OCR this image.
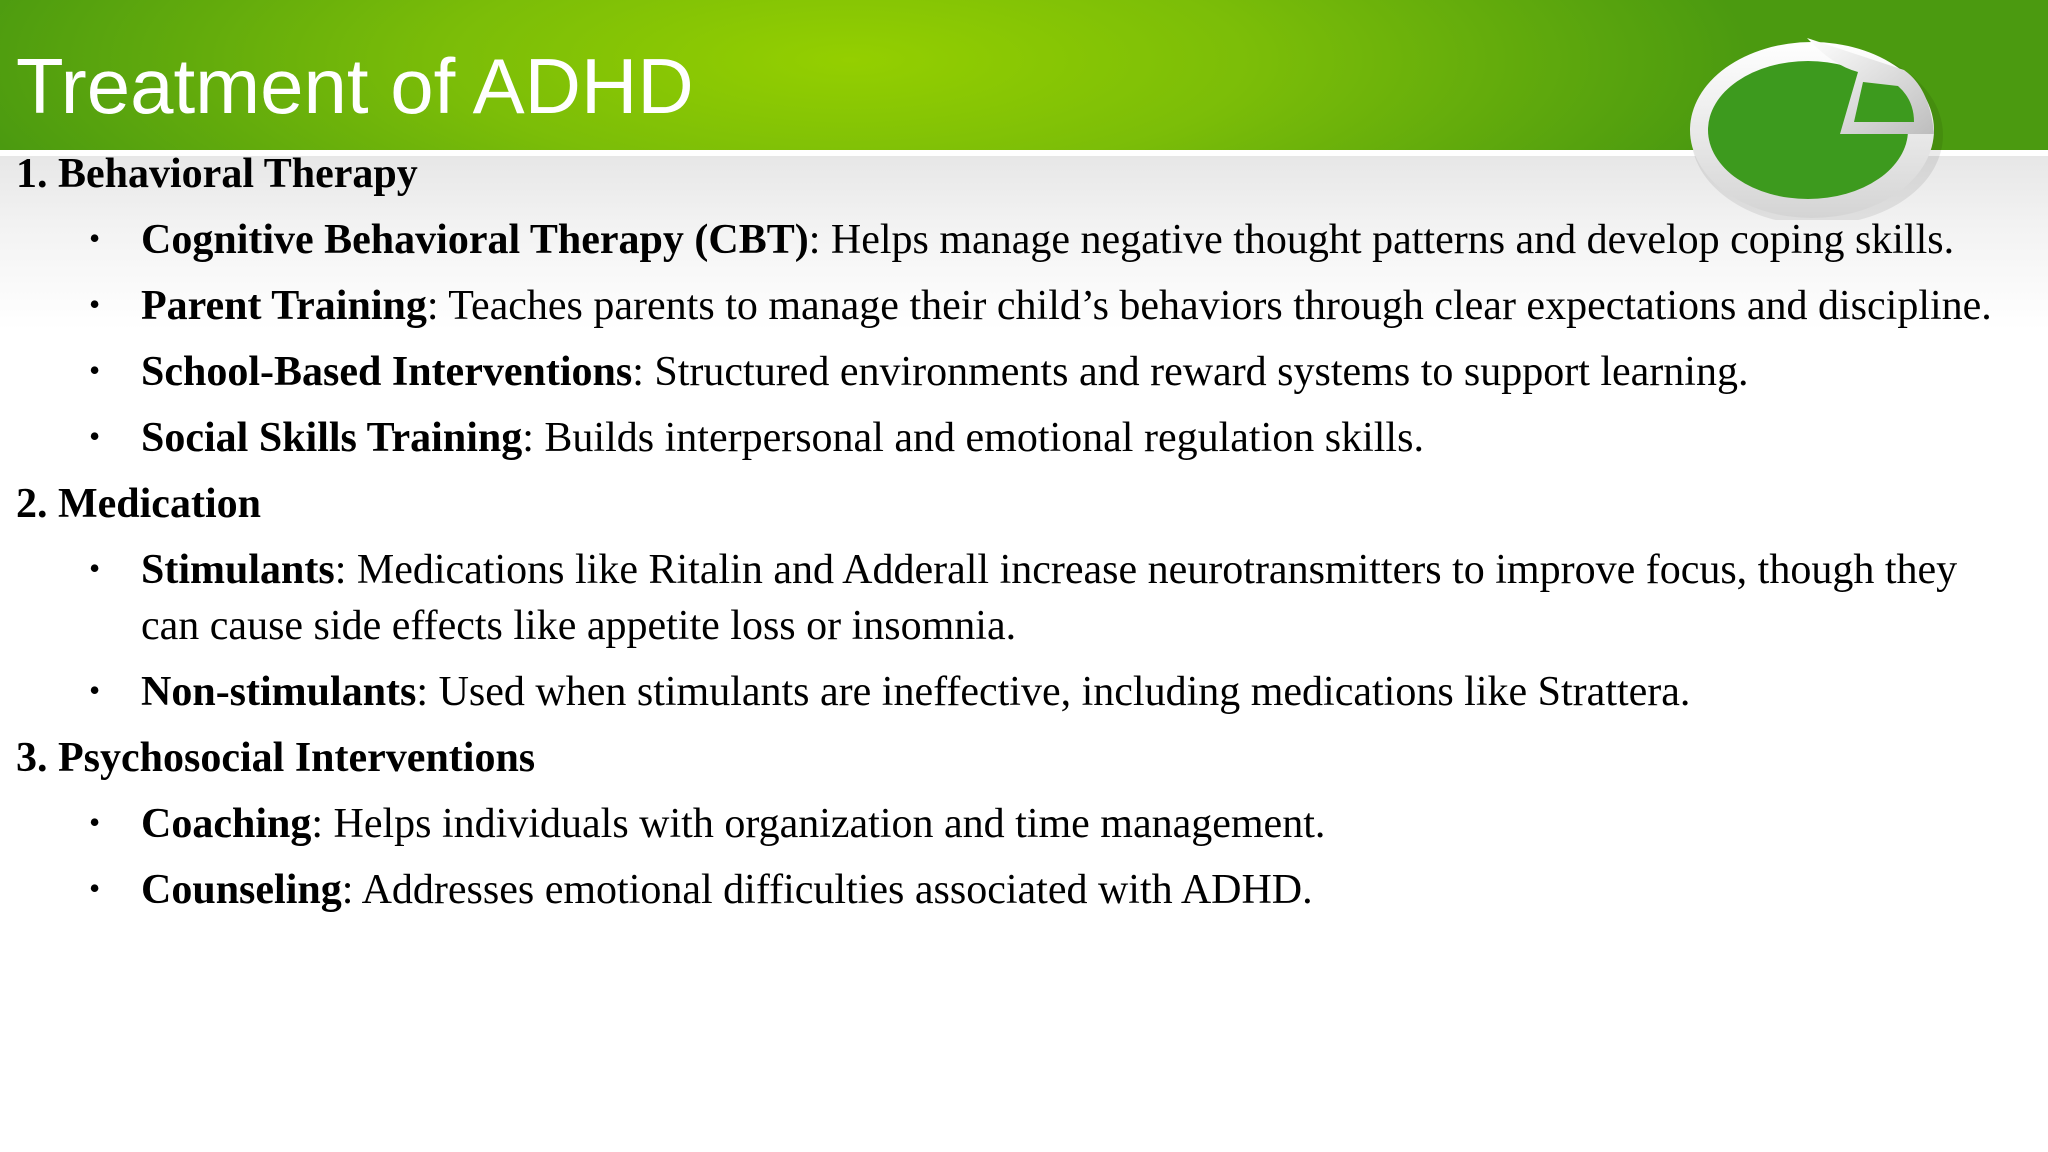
Treatment of ADHD
1. Behavioral Therapy
• Cognitive Behavioral Therapy (CBT): Helps manage negative thought patterns and develop coping skills.
• Parent Training: Teaches parents to manage their child’s behaviors through clear expectations and discipline.
• School-Based Interventions: Structured environments and reward systems to support learning.
• Social Skills Training: Builds interpersonal and emotional regulation skills.
2. Medication
• Stimulants: Medications like Ritalin and Adderall increase neurotransmitters to improve focus, though they can cause side effects like appetite loss or insomnia.
• Non-stimulants: Used when stimulants are ineffective, including medications like Strattera.
3. Psychosocial Interventions
• Coaching: Helps individuals with organization and time management.
• Counseling: Addresses emotional difficulties associated with ADHD.
